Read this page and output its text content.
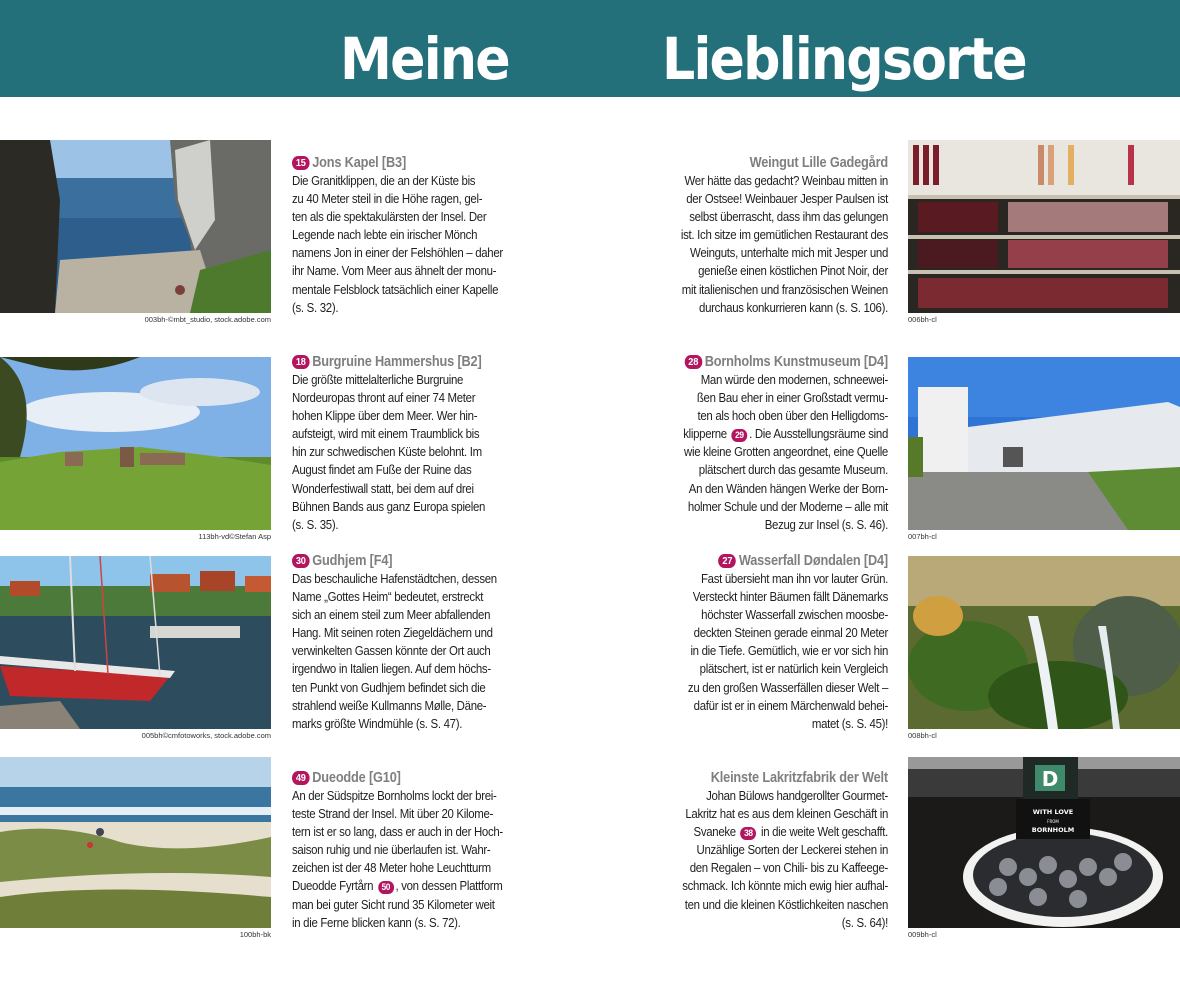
Meine	Lieblingsorte
003bh-©mbt_studio, stock.adobe.com
113bh-vd©Stefan Asp
005bh©cmfotoworks, stock.adobe.com
100bh-bk
006bh-cl
007bh-cl
008bh-cl
D
WITH LOVE
FROM
BORNHOLM
009bh-cl
15 Jons Kapel [B3]
Die Granitklippen, die an der Küste bis
zu 40 Meter steil in die Höhe ragen, gel-
ten als die spektakulärsten der Insel. Der
Legende nach lebte ein irischer Mönch
namens Jon in einer der Felshöhlen – daher
ihr Name. Vom Meer aus ähnelt der monu-
mentale Felsblock tatsächlich einer Kapelle
(s. S. 32).
18 Burgruine Hammershus [B2]
Die größte mittelalterliche Burgruine
Nordeuropas thront auf einer 74 Meter
hohen Klippe über dem Meer. Wer hin-
aufsteigt, wird mit einem Traumblick bis
hin zur schwedischen Küste belohnt. Im
August findet am Fuße der Ruine das
Wonderfestiwall statt, bei dem auf drei
Bühnen Bands aus ganz Europa spielen
(s. S. 35).
30 Gudhjem [F4]
Das beschauliche Hafenstädtchen, dessen
Name „Gottes Heim“ bedeutet, erstreckt
sich an einem steil zum Meer abfallenden
Hang. Mit seinen roten Ziegeldächern und
verwinkelten Gassen könnte der Ort auch
irgendwo in Italien liegen. Auf dem höchs-
ten Punkt von Gudhjem befindet sich die
strahlend weiße Kullmanns Mølle, Däne-
marks größte Windmühle (s. S. 47).
49 Dueodde [G10]
An der Südspitze Bornholms lockt der brei-
teste Strand der Insel. Mit über 20 Kilome-
tern ist er so lang, dass er auch in der Hoch-
saison ruhig und nie überlaufen ist. Wahr-
zeichen ist der 48 Meter hohe Leuchtturm
Dueodde Fyrtårn 50 , von dessen Plattform
man bei guter Sicht rund 35 Kilometer weit
in die Ferne blicken kann (s. S. 72).
Weingut Lille Gadegård
Wer hätte das gedacht? Weinbau mitten in
der Ostsee! Weinbauer Jesper Paulsen ist
selbst überrascht, dass ihm das gelungen
ist. Ich sitze im gemütlichen Restaurant des
Weinguts, unterhalte mich mit Jesper und
genieße einen köstlichen Pinot Noir, der
mit italienischen und französischen Weinen
durchaus konkurrieren kann (s. S. 106).
28 Bornholms Kunstmuseum [D4]
Man würde den modernen, schneewei-
ßen Bau eher in einer Großstadt vermu-
ten als hoch oben über den Helligdoms-
klipperne 29 . Die Ausstellungsräume sind
wie kleine Grotten angeordnet, eine Quelle
plätschert durch das gesamte Museum.
An den Wänden hängen Werke der Born-
holmer Schule und der Moderne – alle mit
Bezug zur Insel (s. S. 46).
27 Wasserfall Døndalen [D4]
Fast übersieht man ihn vor lauter Grün.
Versteckt hinter Bäumen fällt Dänemarks
höchster Wasserfall zwischen moosbe-
deckten Steinen gerade einmal 20 Meter
in die Tiefe. Gemütlich, wie er vor sich hin
plätschert, ist er natürlich kein Vergleich
zu den großen Wasserfällen dieser Welt –
dafür ist er in einem Märchenwald behei-
matet (s. S. 45)!
Kleinste Lakritzfabrik der Welt
Johan Bülows handgerollter Gourmet-
Lakritz hat es aus dem kleinen Geschäft in
Svaneke 38 in die weite Welt geschafft.
Unzählige Sorten der Leckerei stehen in
den Regalen – von Chili- bis zu Kaffeege-
schmack. Ich könnte mich ewig hier aufhal-
ten und die kleinen Köstlichkeiten naschen
(s. S. 64)!
